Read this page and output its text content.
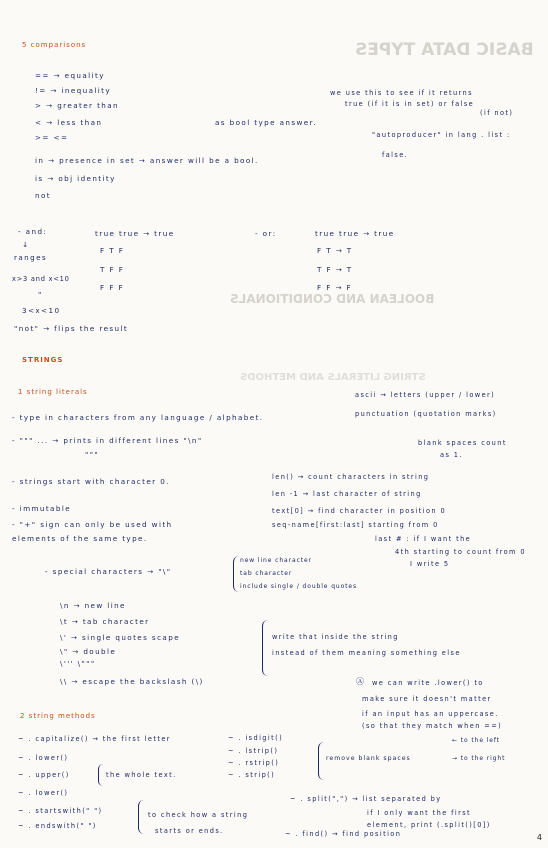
BASIC DATA TYPES
BOOLEAN AND CONDITIONALS
STRING LITERALS AND METHODS
5 comparisons
== → equality
!= → inequality
> → greater than
< → less than	as bool type answer.
>= <=
in → presence in set → answer will be a bool.
is → obj identity
not
we use this to see if it returns
true (if it is in set) or false
(if not)
"autoproducer" in lang . list :
false.
- and:
↓
ranges
x>3 and x<10
"
3<x<10
"not" → flips the result
true true → true
F T F
T F F
F F F
- or:	true true → true
F T → T
T F → T
F F → F
STRINGS
1 string literals
- type in characters from any language / alphabet.
ascii → letters (upper / lower)
punctuation (quotation marks)
- """ ... → prints in different lines "\n"
"""
blank spaces count
as 1.
- strings start with character 0.	len() → count characters in string
len -1 → last character of string
text[0] → find character in position 0
seq-name[first:last] starting from 0
last # : if I want the
4th starting to count from 0
I write 5
- immutable
- "+" sign can only be used with
elements of the same type.
- special characters → "\"
new line character
tab character
include single / double quotes
\n → new line
\t → tab character
\' → single quotes scape
\" → double
\''' \"""
\\ → escape the backslash (\)
write that inside the string
instead of them meaning something else
Ⓐ we can write .lower() to
make sure it doesn't matter
if an input has an uppercase.
(so that they match when ==)
2 string methods
~ . capitalize() → the first letter
~ . lower()
~ . upper()	the whole text.
~ . lower()
~ . startswith(" ")
~ . endswith(" ")
to check how a string
starts or ends.
~ . isdigit()
~ . lstrip()
~ . rstrip()
~ . strip()
remove blank spaces
← to the left
→ to the right
~ . split(",") → list separated by
if I only want the first
element, print (.split()[0])
~ . find() → find position	4
